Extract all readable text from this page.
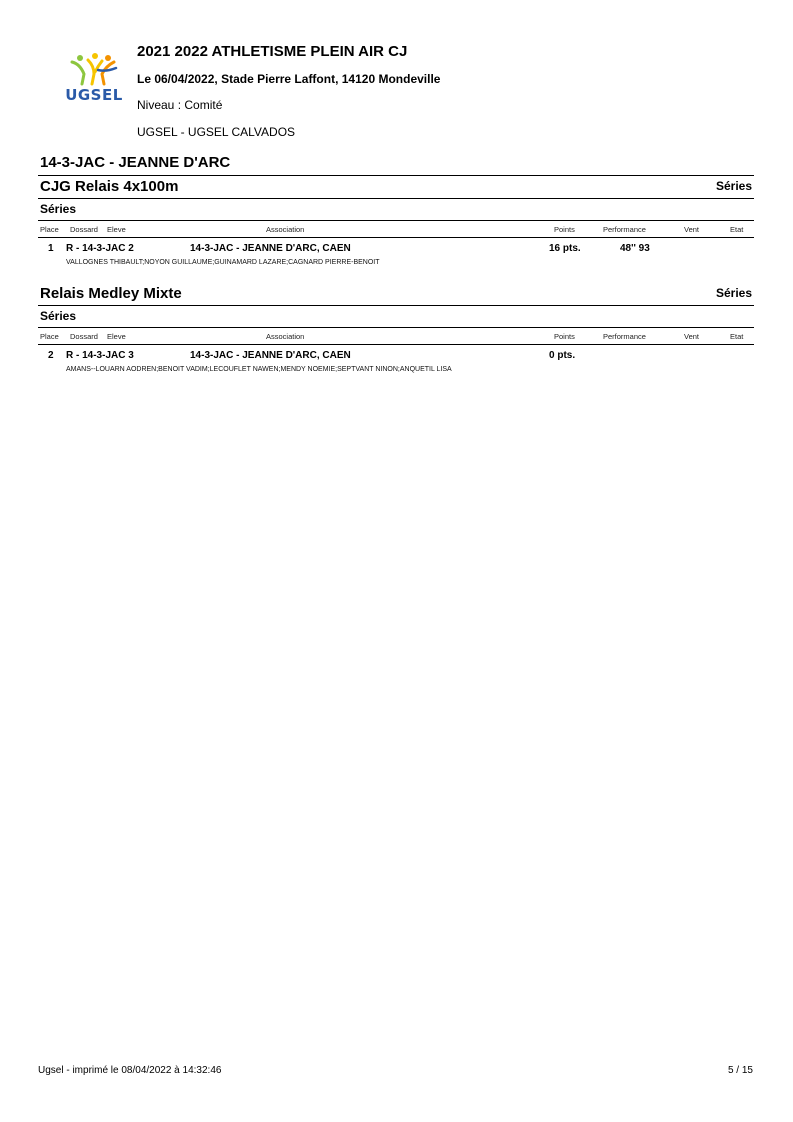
UGSEL
2021 2022 ATHLETISME PLEIN AIR CJ
Le 06/04/2022, Stade Pierre Laffont, 14120 Mondeville
Niveau : Comité
UGSEL - UGSEL CALVADOS
14-3-JAC - JEANNE D'ARC
CJG Relais 4x100m	Séries
Séries
Place Dossard Eleve	Association	Points	Performance	Vent	Etat
1 R - 14-3-JAC 2	14-3-JAC - JEANNE D'ARC, CAEN	16 pts.	48'' 93
VALLOGNES THIBAULT;NOYON GUILLAUME;GUINAMARD LAZARE;CAGNARD PIERRE-BENOIT
Relais Medley Mixte	Séries
Séries
Place Dossard Eleve	Association	Points	Performance	Vent	Etat
2 R - 14-3-JAC 3	14-3-JAC - JEANNE D'ARC, CAEN	0 pts.
AMANS--LOUARN AODREN;BENOIT VADIM;LECOUFLET NAWEN;MENDY NOEMIE;SEPTVANT NINON;ANQUETIL LISA
Ugsel - imprimé le 08/04/2022 à 14:32:46	5 / 15
